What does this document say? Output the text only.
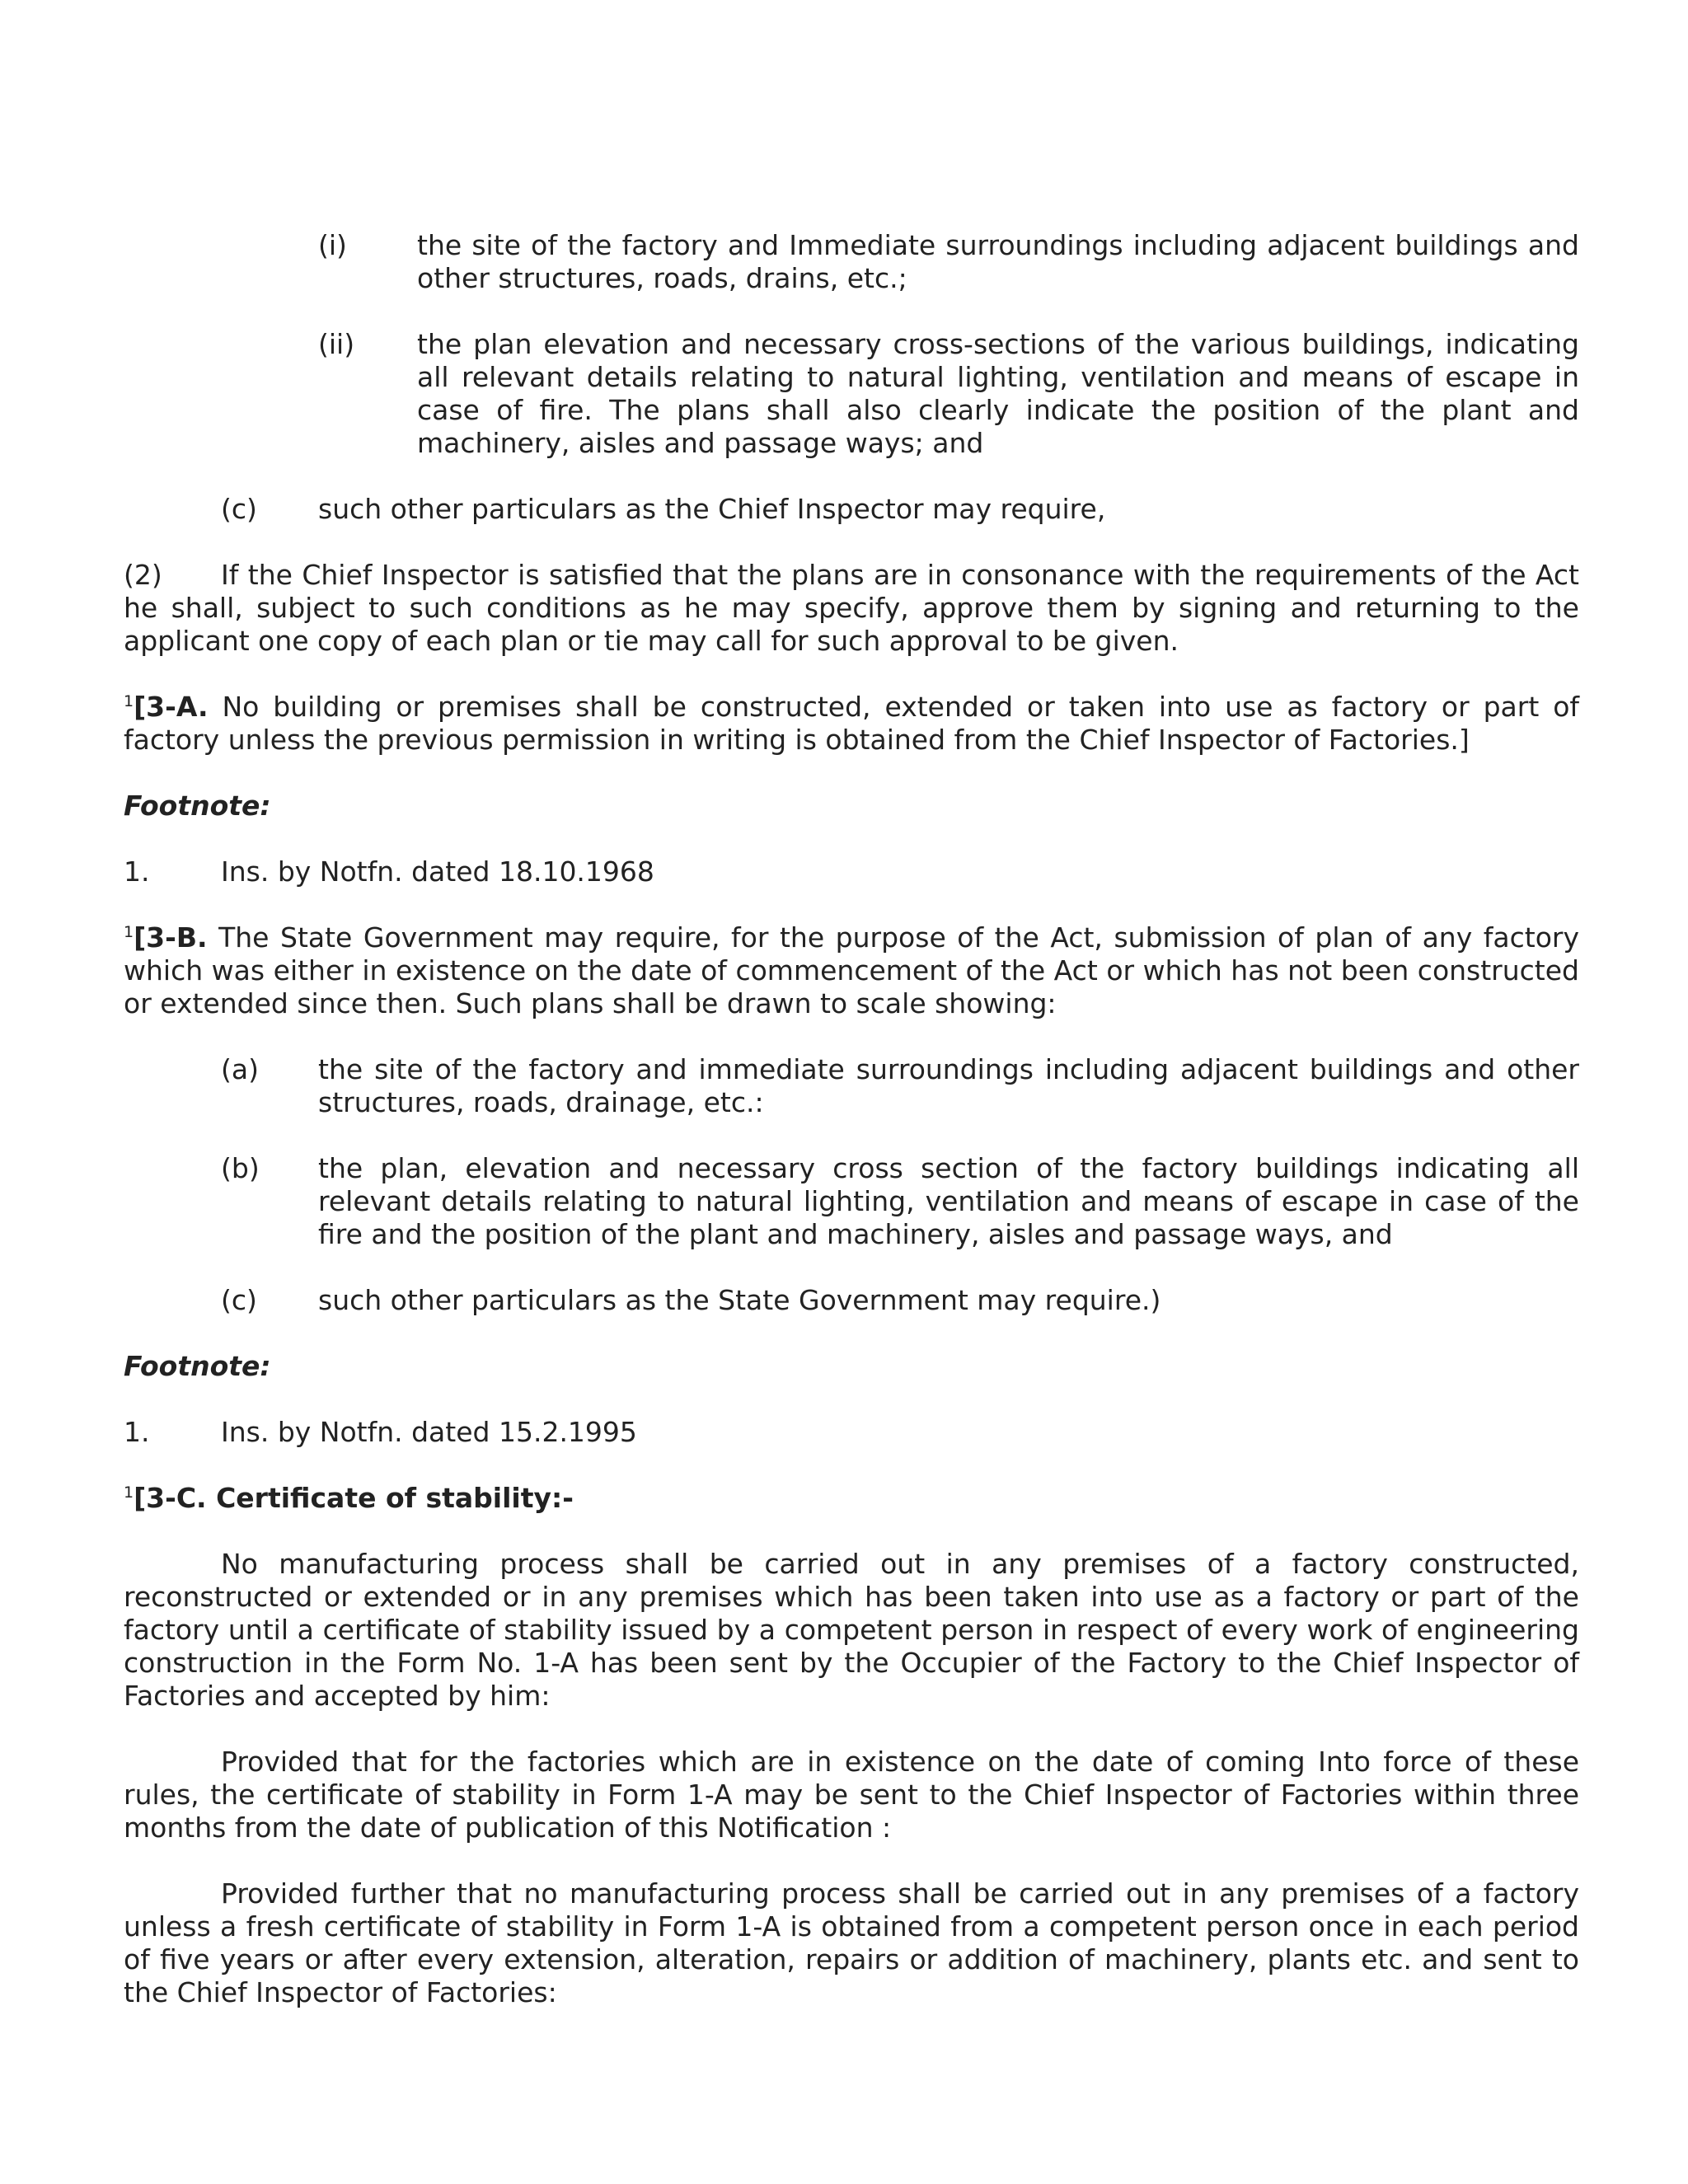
(i)	the site of the factory and Immediate surroundings including adjacent buildings and other structures, roads, drains, etc.;
(ii)	the plan elevation and necessary cross-sections of the various buildings, indicating all relevant details relating to natural lighting, ventilation and means of escape in case of fire. The plans shall also clearly indicate the position of the plant and machinery, aisles and passage ways; and
(c)	such other particulars as the Chief Inspector may require,
(2) If the Chief Inspector is satisfied that the plans are in consonance with the requirements of the Act he shall, subject to such conditions as he may specify, approve them by signing and returning to the applicant one copy of each plan or tie may call for such approval to be given.
$^1$[3-A. No building or premises shall be constructed, extended or taken into use as factory or part of factory unless the previous permission in writing is obtained from the Chief Inspector of Factories.]
Footnote:
1.	Ins. by Notfn. dated 18.10.1968
$^1$[3-B. The State Government may require, for the purpose of the Act, submission of plan of any factory which was either in existence on the date of commencement of the Act or which has not been constructed or extended since then. Such plans shall be drawn to scale showing:
(a)	the site of the factory and immediate surroundings including adjacent buildings and other structures, roads, drainage, etc.:
(b)	the plan, elevation and necessary cross section of the factory buildings indicating all relevant details relating to natural lighting, ventilation and means of escape in case of the fire and the position of the plant and machinery, aisles and passage ways, and
(c)	such other particulars as the State Government may require.)
Footnote:
1.	Ins. by Notfn. dated 15.2.1995
$^1$[3-C. Certificate of stability:-
No manufacturing process shall be carried out in any premises of a factory constructed, reconstructed or extended or in any premises which has been taken into use as a factory or part of the factory until a certificate of stability issued by a competent person in respect of every work of engineering construction in the Form No. 1-A has been sent by the Occupier of the Factory to the Chief Inspector of Factories and accepted by him:
Provided that for the factories which are in existence on the date of coming Into force of these rules, the certificate of stability in Form 1-A may be sent to the Chief Inspector of Factories within three months from the date of publication of this Notification :
Provided further that no manufacturing process shall be carried out in any premises of a factory unless a fresh certificate of stability in Form 1-A is obtained from a competent person once in each period of five years or after every extension, alteration, repairs or addition of machinery, plants etc. and sent to the Chief Inspector of Factories:
